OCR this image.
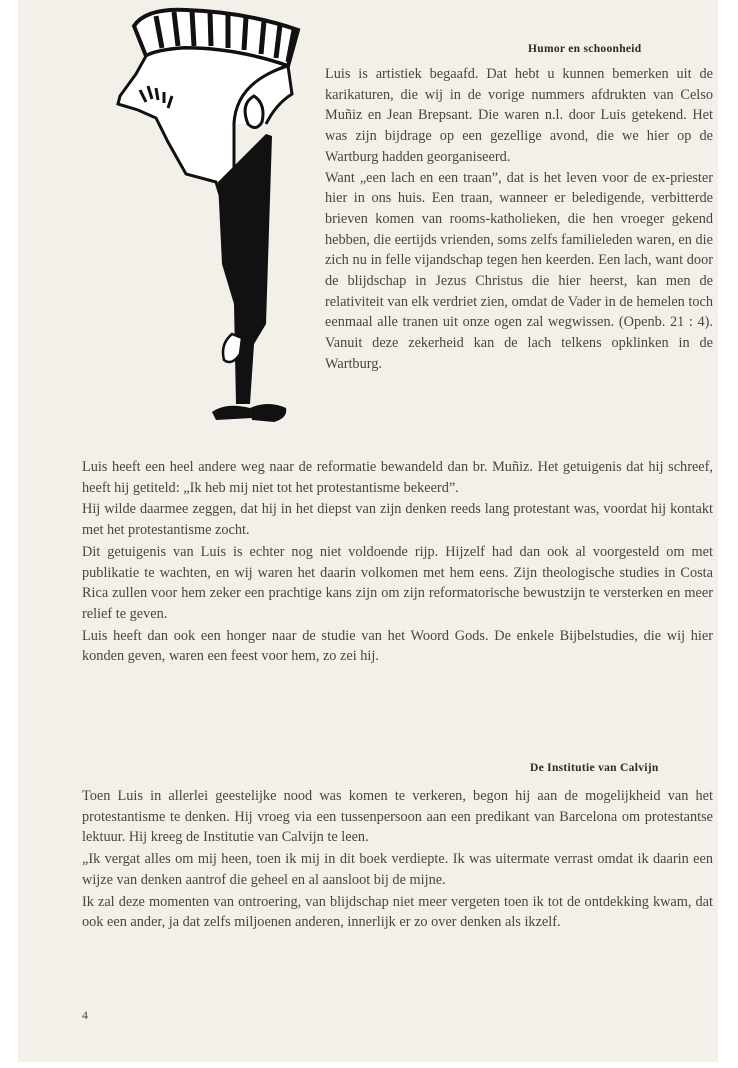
Humor en schoonheid

Luis is artistiek begaafd. Dat hebt u kunnen bemerken uit de karikaturen, die wij in de vorige nummers afdrukten van Celso Muñiz en Jean Brepsant. Die waren n.l. door Luis getekend. Het was zijn bijdrage op een gezellige avond, die we hier op de Wartburg hadden georganiseerd.

Want „een lach en een traan”, dat is het leven voor de ex-priester hier in ons huis. Een traan, wanneer er beledigende, verbitterde brieven komen van rooms-katholieken, die hen vroeger gekend hebben, die eertijds vrienden, soms zelfs familieleden waren, en die zich nu in felle vijandschap tegen hen keerden. Een lach, want door de blijdschap in Jezus Christus die hier heerst, kan men de relativiteit van elk verdriet zien, omdat de Vader in de hemelen toch eenmaal alle tranen uit onze ogen zal wegwissen. (Openb. 21 : 4). Vanuit deze zekerheid kan de lach telkens opklinken in de Wartburg.

Luis heeft een heel andere weg naar de reformatie bewandeld dan br. Muñiz. Het getuigenis dat hij schreef, heeft hij getiteld: „Ik heb mij niet tot het protestantisme bekeerd”.

Hij wilde daarmee zeggen, dat hij in het diepst van zijn denken reeds lang protestant was, voordat hij kontakt met het protestantisme zocht.

Dit getuigenis van Luis is echter nog niet voldoende rijp. Hijzelf had dan ook al voorgesteld om met publikatie te wachten, en wij waren het daarin volkomen met hem eens. Zijn theologische studies in Costa Rica zullen voor hem zeker een prachtige kans zijn om zijn reformatorische bewustzijn te versterken en meer relief te geven.

Luis heeft dan ook een honger naar de studie van het Woord Gods. De enkele Bijbelstudies, die wij hier konden geven, waren een feest voor hem, zo zei hij.

De Institutie van Calvijn

Toen Luis in allerlei geestelijke nood was komen te verkeren, begon hij aan de mogelijkheid van het protestantisme te denken. Hij vroeg via een tussenpersoon aan een predikant van Barcelona om protestantse lektuur. Hij kreeg de Institutie van Calvijn te leen.

„Ik vergat alles om mij heen, toen ik mij in dit boek verdiepte. Ik was uitermate verrast omdat ik daarin een wijze van denken aantrof die geheel en al aansloot bij de mijne.

Ik zal deze momenten van ontroering, van blijdschap niet meer vergeten toen ik tot de ontdekking kwam, dat ook een ander, ja dat zelfs miljoenen anderen, innerlijk er zo over denken als ikzelf.

4
